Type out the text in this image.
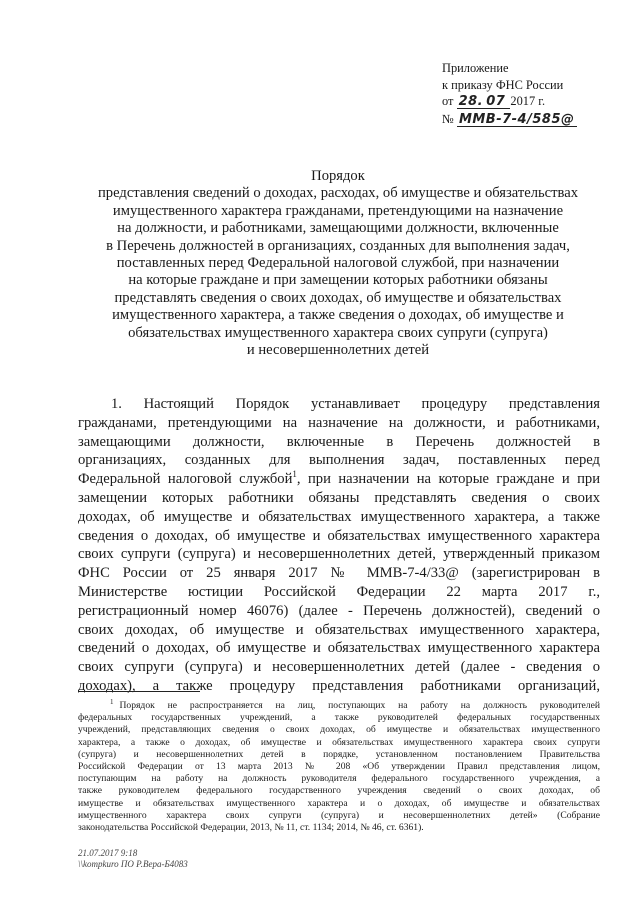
Приложение
к приказу ФНС России
от 28. 07 2017 г.
№ ММВ-7-4/585@
Порядок
представления сведений о доходах, расходах, об имуществе и обязательствах
имущественного характера гражданами, претендующими на назначение
на должности, и работниками, замещающими должности, включенные
в Перечень должностей в организациях, созданных для выполнения задач,
поставленных перед Федеральной налоговой службой, при назначении
на которые граждане и при замещении которых работники обязаны
представлять сведения о своих доходах, об имуществе и обязательствах
имущественного характера, а также сведения о доходах, об имуществе и
обязательствах имущественного характера своих супруги (супруга)
и несовершеннолетних детей
1. Настоящий Порядок устанавливает процедуру представления
гражданами, претендующими на назначение на должности, и работниками,
замещающими должности, включенные в Перечень должностей в
организациях, созданных для выполнения задач, поставленных перед
Федеральной налоговой службой$^1$, при назначении на которые граждане и при
замещении которых работники обязаны представлять сведения о своих
доходах, об имуществе и обязательствах имущественного характера, а также
сведения о доходах, об имуществе и обязательствах имущественного характера
своих супруги (супруга) и несовершеннолетних детей, утвержденный приказом
ФНС России от 25 января 2017 № ММВ-7-4/33@ (зарегистрирован в
Министерстве юстиции Российской Федерации 22 марта 2017 г.,
регистрационный номер 46076) (далее - Перечень должностей), сведений о
своих доходах, об имуществе и обязательствах имущественного характера,
сведений о доходах, об имуществе и обязательствах имущественного характера
своих супруги (супруга) и несовершеннолетних детей (далее - сведения о
доходах), а также процедуру представления работниками организаций,
$^1$ Порядок не распространяется на лиц, поступающих на работу на должность руководителей
федеральных государственных учреждений, а также руководителей федеральных государственных
учреждений, представляющих сведения о своих доходах, об имуществе и обязательствах имущественного
характера, а также о доходах, об имуществе и обязательствах имущественного характера своих супруги
(супруга) и несовершеннолетних детей в порядке, установленном постановлением Правительства
Российской Федерации от 13 марта 2013 № 208 «Об утверждении Правил представления лицом,
поступающим на работу на должность руководителя федерального государственного учреждения, а
также руководителем федерального государственного учреждения сведений о своих доходах, об
имуществе и обязательствах имущественного характера и о доходах, об имуществе и обязательствах
имущественного характера своих супруги (супруга) и несовершеннолетних детей» (Собрание
законодательства Российской Федерации, 2013, № 11, ст. 1134; 2014, № 46, ст. 6361).
21.07.2017 9:18
\\kompkuro ПО Р.Вера-Б4083
